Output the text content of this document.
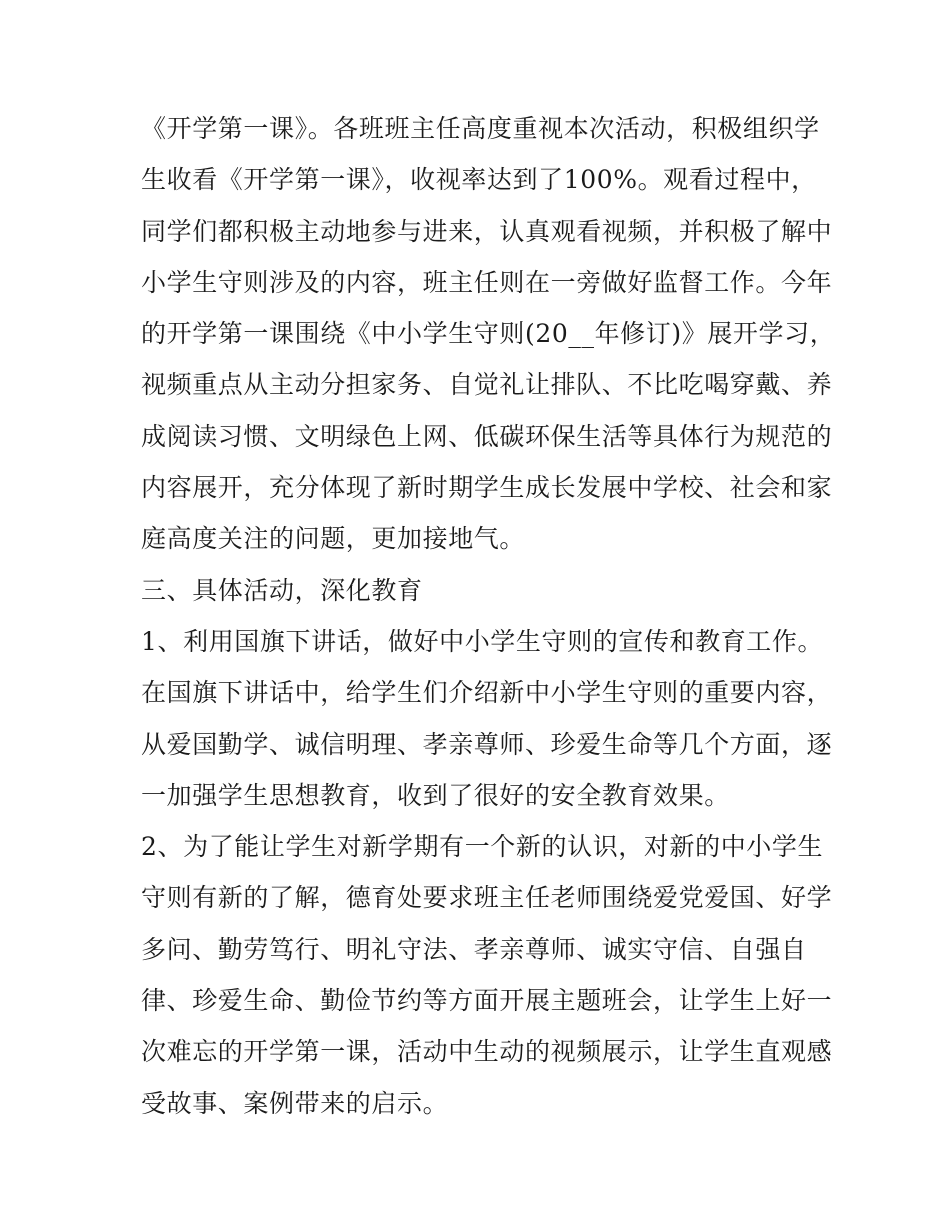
《开学第一课》。各班班主任高度重视本次活动，积极组织学
生收看《开学第一课》，收视率达到了100%。观看过程中，
同学们都积极主动地参与进来，认真观看视频，并积极了解中
小学生守则涉及的内容，班主任则在一旁做好监督工作。今年
的开学第一课围绕《中小学生守则(20__年修订)》展开学习，
视频重点从主动分担家务、自觉礼让排队、不比吃喝穿戴、养
成阅读习惯、文明绿色上网、低碳环保生活等具体行为规范的
内容展开，充分体现了新时期学生成长发展中学校、社会和家
庭高度关注的问题，更加接地气。
三、具体活动，深化教育
1、利用国旗下讲话，做好中小学生守则的宣传和教育工作。
在国旗下讲话中，给学生们介绍新中小学生守则的重要内容，
从爱国勤学、诚信明理、孝亲尊师、珍爱生命等几个方面，逐
一加强学生思想教育，收到了很好的安全教育效果。
2、为了能让学生对新学期有一个新的认识，对新的中小学生
守则有新的了解，德育处要求班主任老师围绕爱党爱国、好学
多问、勤劳笃行、明礼守法、孝亲尊师、诚实守信、自强自
律、珍爱生命、勤俭节约等方面开展主题班会，让学生上好一
次难忘的开学第一课，活动中生动的视频展示，让学生直观感
受故事、案例带来的启示。
